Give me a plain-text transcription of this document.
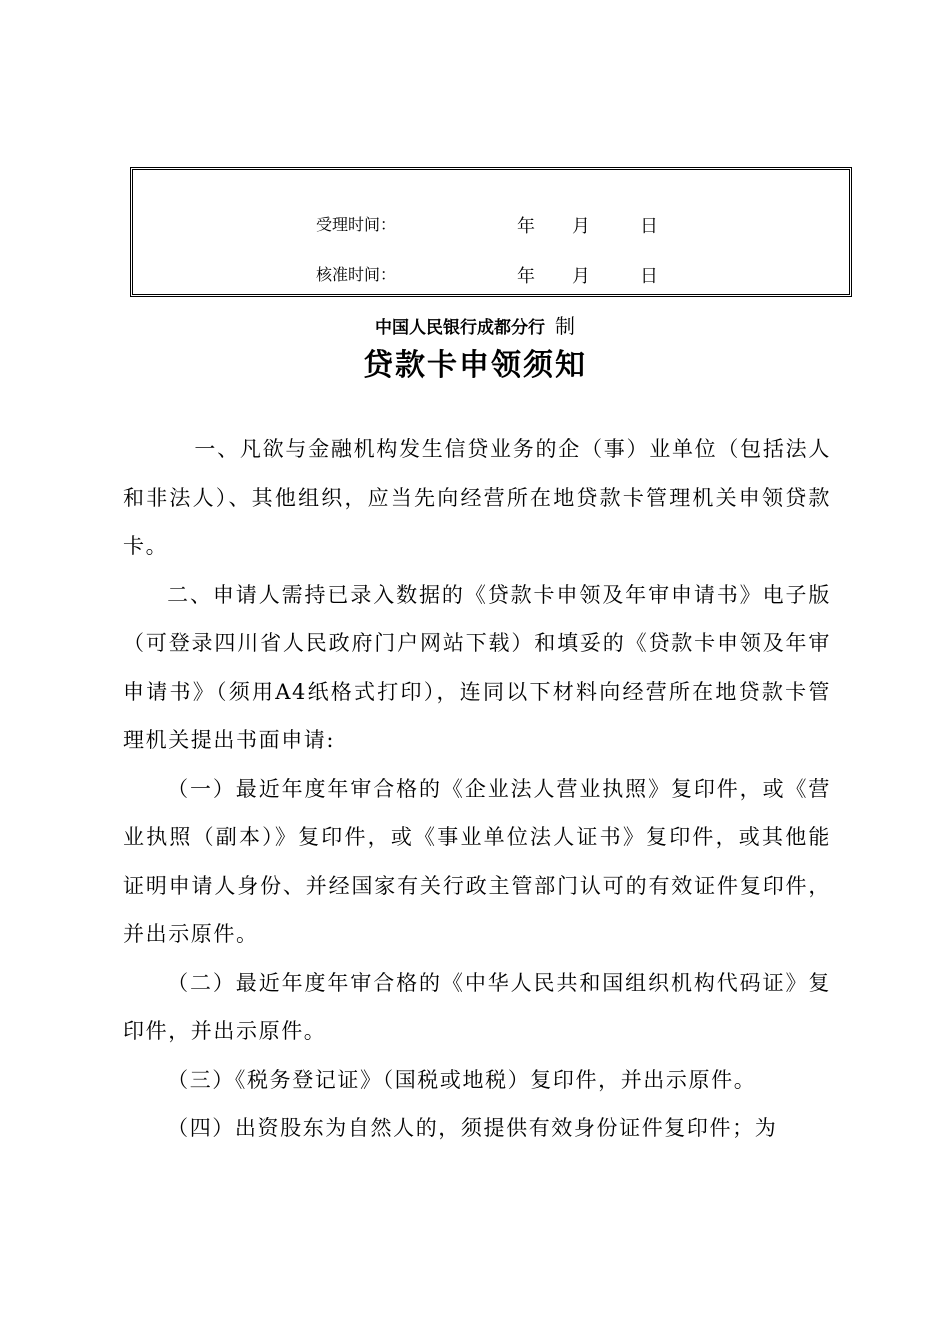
受理时间：	年 月	日
核准时间：	年 月	日
中国人民银行成都分行 制
贷款卡申领须知

一、凡欲与金融机构发生信贷业务的企（事）业单位（包括法人和非法人）、其他组织，应当先向经营所在地贷款卡管理机关申领贷款卡。

二、申请人需持已录入数据的《贷款卡申领及年审申请书》电子版（可登录四川省人民政府门户网站下载）和填妥的《贷款卡申领及年审申请书》（须用A4纸格式打印），连同以下材料向经营所在地贷款卡管理机关提出书面申请:

（一）最近年度年审合格的《企业法人营业执照》复印件，或《营业执照（副本）》复印件，或《事业单位法人证书》复印件，或其他能证明申请人身份、并经国家有关行政主管部门认可的有效证件复印件，并出示原件。

（二）最近年度年审合格的《中华人民共和国组织机构代码证》复印件，并出示原件。

（三）《税务登记证》（国税或地税）复印件，并出示原件。

（四）出资股东为自然人的，须提供有效身份证件复印件；为
